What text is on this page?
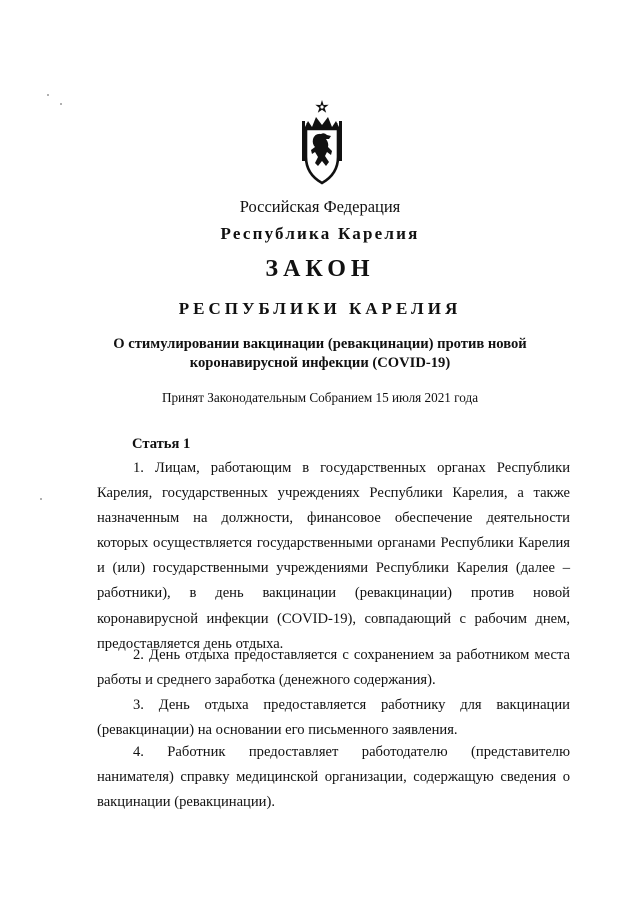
Российская Федерация
Республика Карелия
ЗАКОН
РЕСПУБЛИКИ КАРЕЛИЯ
О стимулировании вакцинации (ревакцинации) против новой
коронавирусной инфекции (COVID-19)
Принят Законодательным Собранием 15 июля 2021 года
Статья 1

1. Лицам, работающим в государственных органах Республики Карелия, государственных учреждениях Республики Карелия, а также назначенным на должности, финансовое обеспечение деятельности которых осуществляется государственными органами Республики Карелия и (или) государственными учреждениями Республики Карелия (далее – работники), в день вакцинации (ревакцинации) против новой коронавирусной инфекции (COVID-19), совпадающий с рабочим днем, предоставляется день отдыха.

2. День отдыха предоставляется с сохранением за работником места работы и среднего заработка (денежного содержания).

3. День отдыха предоставляется работнику для вакцинации (ревакцинации) на основании его письменного заявления.

4. Работник предоставляет работодателю (представителю нанимателя) справку медицинской организации, содержащую сведения о вакцинации (ревакцинации).
